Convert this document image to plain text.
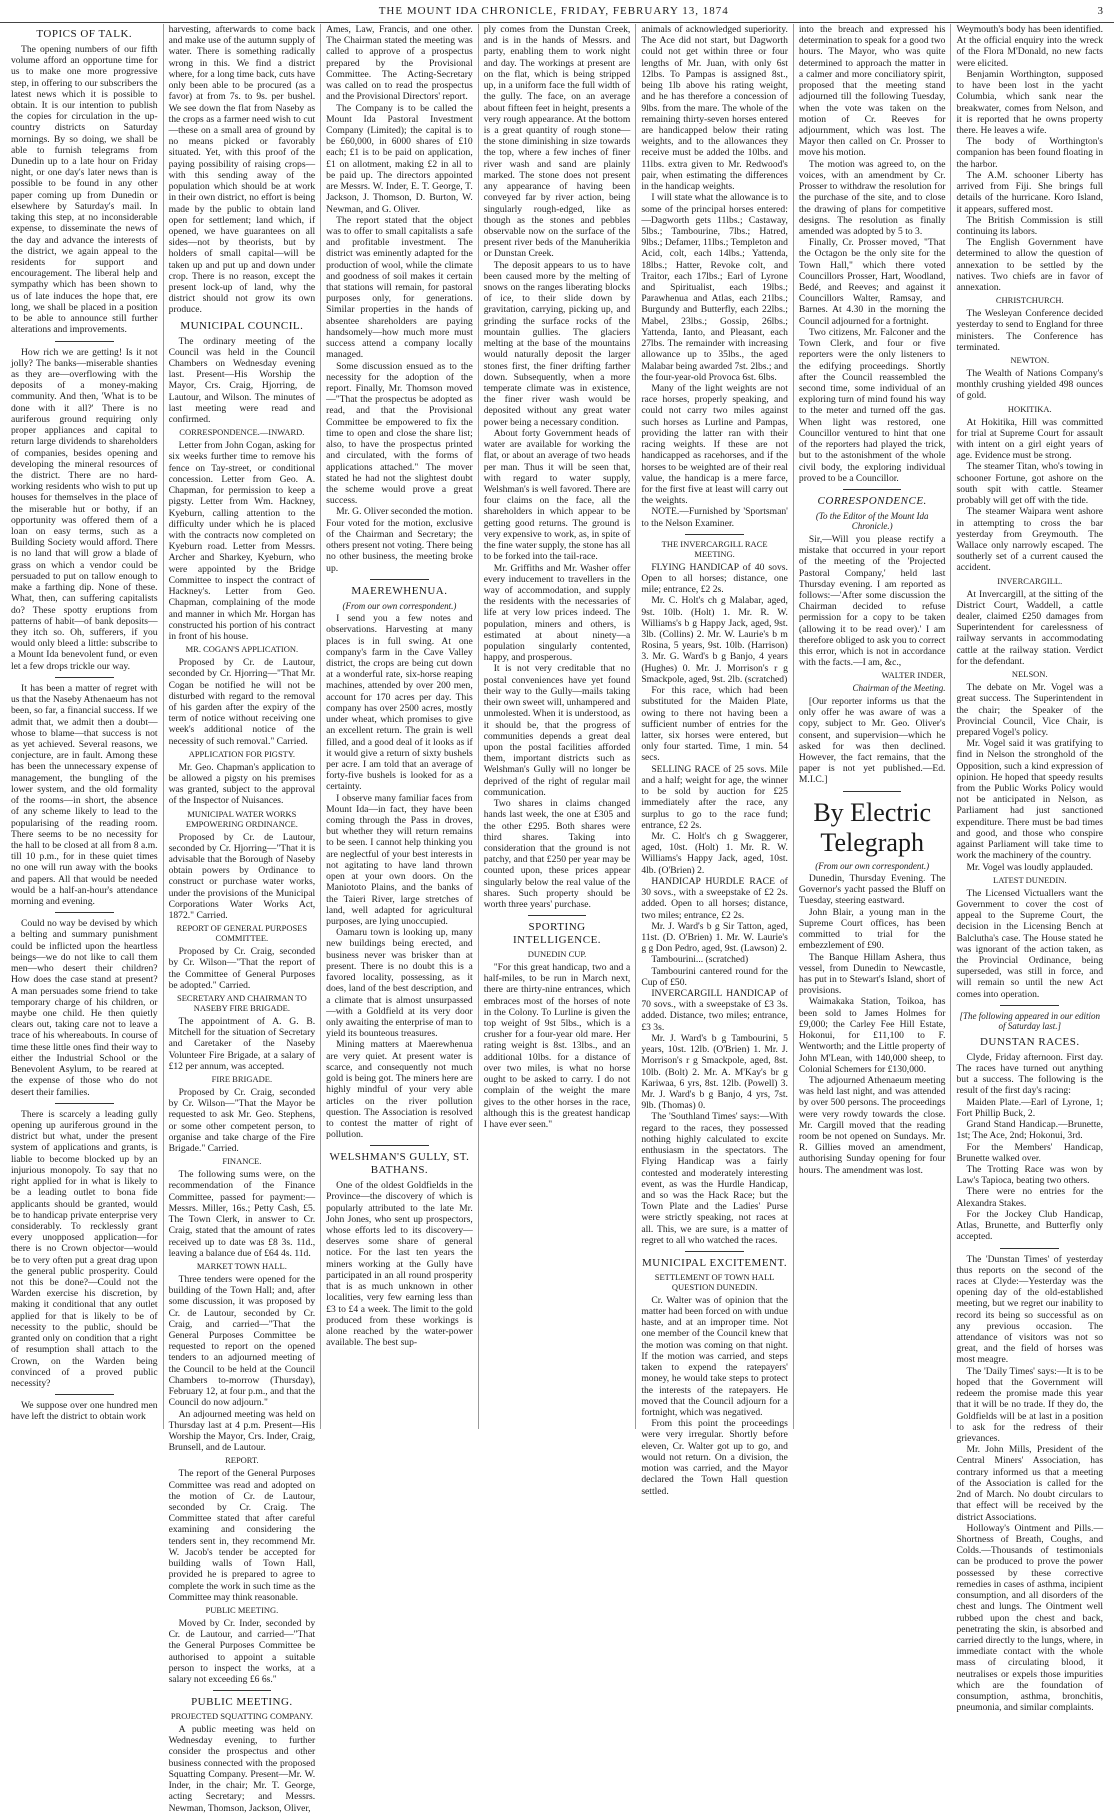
THE MOUNT IDA CHRONICLE, FRIDAY, FEBRUARY 13, 1874	3
TOPICS OF TALK.

The opening numbers of our fifth volume afford an opportune time for us to make one more progressive step, in offering to our subscribers the latest news which it is possible to obtain. It is our intention to publish the copies for circulation in the up-country districts on Saturday mornings. By so doing, we shall be able to furnish telegrams from Dunedin up to a late hour on Friday night, or one day's later news than is possible to be found in any other paper coming up from Dunedin or elsewhere by Saturday's mail. In taking this step, at no inconsiderable expense, to disseminate the news of the day and advance the interests of the district, we again appeal to the residents for support and encouragement. The liberal help and sympathy which has been shown to us of late induces the hope that, ere long, we shall be placed in a position to be able to announce still further alterations and improvements.

How rich we are getting! Is it not jolly? The banks—miserable shanties as they are—overflowing with the deposits of a money-making community. And then, 'What is to be done with it all?' There is no auriferous ground requiring only proper appliances and capital to return large dividends to shareholders of companies, besides opening and developing the mineral resources of the district. There are no hard-working residents who wish to put up houses for themselves in the place of the miserable hut or bothy, if an opportunity was offered them of a loan on easy terms, such as a Building Society would afford. There is no land that will grow a blade of grass on which a vendor could be persuaded to put on tallow enough to make a farthing dip. None of these. What, then, can suffering capitalists do? These spotty eruptions from patterns of habit—of bank deposits—they itch so. Oh, sufferers, if you would only bleed a little: subscribe to a Mount Ida benevolent fund, or even let a few drops trickle our way.

It has been a matter of regret with us that the Naseby Athenaeum has not been, so far, a financial success. If we admit that, we admit then a doubt—whose to blame—that success is not as yet achieved. Several reasons, we conjecture, are in fault. Among these has been the unnecessary expense of management, the bungling of the lower system, and the old formality of the rooms—in short, the absence of any scheme likely to lead to the popularising of the reading room. There seems to be no necessity for the hall to be closed at all from 8 a.m. till 10 p.m., for in these quiet times no one will run away with the books and papers. All that would be needed would be a half-an-hour's attendance morning and evening.

Could no way be devised by which a belting and summary punishment could be inflicted upon the heartless beings—we do not like to call them men—who desert their children? How does the case stand at present? A man persuades some friend to take temporary charge of his children, or maybe one child. He then quietly clears out, taking care not to leave a trace of his whereabouts. In course of time these little ones find their way to either the Industrial School or the Benevolent Asylum, to be reared at the expense of those who do not desert their families.

There is scarcely a leading gully opening up auriferous ground in the district but what, under the present system of applications and grants, is liable to become blocked up by an injurious monopoly. To say that no right applied for in what is likely to be a leading outlet to bona fide applicants should be granted, would be to handicap private enterprise very considerably. To recklessly grant every unopposed application—for there is no Crown objector—would be to very often put a great drag upon the general public prosperity. Could not this be done?—Could not the Warden exercise his discretion, by making it conditional that any outlet applied for that is likely to be of necessity to the public, should be granted only on condition that a right of resumption shall attach to the Crown, on the Warden being convinced of a proved public necessity?

We suppose over one hundred men have left the district to obtain work

harvesting, afterwards to come back and make use of the autumn supply of water. There is something radically wrong in this. We find a district where, for a long time back, cuts have only been able to be procured (as a favor) at from 7s. to 9s. per bushel. We see down the flat from Naseby as the crops as a farmer need wish to cut—these on a small area of ground by no means picked or favorably situated. Yet, with this proof of the paying possibility of raising crops—with this sending away of the population which should be at work in their own district, no effort is being made by the public to obtain land open for settlement; land which, if opened, we have guarantees on all sides—not by theorists, but by holders of small capital—will be taken up and put up and down under crop. There is no reason, except the present lock-up of land, why the district should not grow its own produce.

MUNICIPAL COUNCIL.

The ordinary meeting of the Council was held in the Council Chambers on Wednesday evening last. Present—His Worship the Mayor, Crs. Craig, Hjorring, de Lautour, and Wilson. The minutes of last meeting were read and confirmed.

CORRESPONDENCE.—INWARD.

Letter from John Cogan, asking for six weeks further time to remove his fence on Tay-street, or conditional concession. Letter from Geo. A. Chapman, for permission to keep a pigsty. Letter from Wm. Hackney, Kyeburn, calling attention to the difficulty under which he is placed with the contracts now completed on Kyeburn road. Letter from Messrs. Archer and Sharkey, Kyeburn, who were appointed by the Bridge Committee to inspect the contract of Hackney's. Letter from Geo. Chapman, complaining of the mode and manner in which Mr. Horgan has constructed his portion of his contract in front of his house.

MR. COGAN'S APPLICATION.

Proposed by Cr. de Lautour, seconded by Cr. Hjorring—"That Mr. Cogan be notified he will not be disturbed with regard to the removal of his garden after the expiry of the term of notice without receiving one week's additional notice of the necessity of such removal." Carried.

APPLICATION FOR PIGSTY.

Mr. Geo. Chapman's application to be allowed a pigsty on his premises was granted, subject to the approval of the Inspector of Nuisances.

MUNICIPAL WATER WORKS EMPOWERING ORDINANCE.

Proposed by Cr. de Lautour, seconded by Cr. Hjorring—"That it is advisable that the Borough of Naseby obtain powers by Ordinance to construct or purchase water works, under the provisions of the Municipal Corporations Water Works Act, 1872." Carried.

REPORT OF GENERAL PURPOSES COMMITTEE.

Proposed by Cr. Craig, seconded by Cr. Wilson—"That the report of the Committee of General Purposes be adopted." Carried.

SECRETARY AND CHAIRMAN TO NASEBY FIRE BRIGADE.

The appointment of A. G. B. Mitchell for the situation of Secretary and Caretaker of the Naseby Volunteer Fire Brigade, at a salary of £12 per annum, was accepted.

FIRE BRIGADE.

Proposed by Cr. Craig, seconded by Cr. Wilson—"That the Mayor be requested to ask Mr. Geo. Stephens, or some other competent person, to organise and take charge of the Fire Brigade." Carried.

FINANCE.

The following sums were, on the recommendation of the Finance Committee, passed for payment:—Messrs. Miller, 16s.; Petty Cash, £5. The Town Clerk, in answer to Cr. Craig, stated that the amount of rates received up to date was £8 3s. 11d., leaving a balance due of £64 4s. 11d.

MARKET TOWN HALL.

Three tenders were opened for the building of the Town Hall; and, after some discussion, it was proposed by Cr. de Lautour, seconded by Cr. Craig, and carried—"That the General Purposes Committee be requested to report on the opened tenders to an adjourned meeting of the Council to be held at the Council Chambers to-morrow (Thursday), February 12, at four p.m., and that the Council do now adjourn."

An adjourned meeting was held on Thursday last at 4 p.m. Present—His Worship the Mayor, Crs. Inder, Craig, Brunsell, and de Lautour.

REPORT.

The report of the General Purposes Committee was read and adopted on the motion of Cr. de Lautour, seconded by Cr. Craig. The Committee stated that after careful examining and considering the tenders sent in, they recommend Mr. W. Jacob's tender be accepted for building walls of Town Hall, provided he is prepared to agree to complete the work in such time as the Committee may think reasonable.

PUBLIC MEETING.

Moved by Cr. Inder, seconded by Cr. de Lautour, and carried—"That the General Purposes Committee be authorised to appoint a suitable person to inspect the works, at a salary not exceeding £6 6s."

PUBLIC MEETING.
PROJECTED SQUATTING COMPANY.

A public meeting was held on Wednesday evening, to further consider the prospectus and other business connected with the proposed Squatting Company. Present—Mr. W. Inder, in the chair; Mr. T. George, acting Secretary; and Messrs. Newman, Thomson, Jackson, Oliver,

Ames, Law, Francis, and one other. The Chairman stated the meeting was called to approve of a prospectus prepared by the Provisional Committee. The Acting-Secretary was called on to read the prospectus and the Provisional Directors' report.

The Company is to be called the Mount Ida Pastoral Investment Company (Limited); the capital is to be £60,000, in 6000 shares of £10 each; £1 is to be paid on application, £1 on allotment, making £2 in all to be paid up. The directors appointed are Messrs. W. Inder, E. T. George, T. Jackson, J. Thomson, D. Burton, W. Newman, and G. Oliver.

The report stated that the object was to offer to small capitalists a safe and profitable investment. The district was eminently adapted for the production of wool, while the climate and goodness of soil makes it certain that stations will remain, for pastoral purposes only, for generations. Similar properties in the hands of absentee shareholders are paying handsomely—how much more must success attend a company locally managed.

Some discussion ensued as to the necessity for the adoption of the report. Finally, Mr. Thomson moved—"That the prospectus be adopted as read, and that the Provisional Committee be empowered to fix the time to open and close the share list; also, to have the prospectus printed and circulated, with the forms of applications attached." The mover stated he had not the slightest doubt the scheme would prove a great success.

Mr. G. Oliver seconded the motion. Four voted for the motion, exclusive of the Chairman and Secretary; the others present not voting. There being no other business, the meeting broke up.

MAEREWHENUA.
(From our own correspondent.)

I send you a few notes and observations. Harvesting at many places is in full swing. At one company's farm in the Cave Valley district, the crops are being cut down at a wonderful rate, six-horse reaping machines, attended by over 200 men, account for 170 acres per day. This company has over 2500 acres, mostly under wheat, which promises to give an excellent return. The grain is well filled, and a good deal of it looks as if it would give a return of sixty bushels per acre. I am told that an average of forty-five bushels is looked for as a certainty.

I observe many familiar faces from Mount Ida—in fact, they have been coming through the Pass in droves, but whether they will return remains to be seen. I cannot help thinking you are neglectful of your best interests in not agitating to have land thrown open at your own doors. On the Maniototo Plains, and the banks of the Taieri River, large stretches of land, well adapted for agricultural purposes, are lying unoccupied.

Oamaru town is looking up, many new buildings being erected, and business never was brisker than at present. There is no doubt this is a favored locality, possessing, as it does, land of the best description, and a climate that is almost unsurpassed—with a Goldfield at its very door only awaiting the enterprise of man to yield its bounteous treasures.

Mining matters at Maerewhenua are very quiet. At present water is scarce, and consequently not much gold is being got. The miners here are highly mindful of your very able articles on the river pollution question. The Association is resolved to contest the matter of right of pollution.

WELSHMAN'S GULLY, ST. BATHANS.

One of the oldest Goldfields in the Province—the discovery of which is popularly attributed to the late Mr. John Jones, who sent up prospectors, whose efforts led to its discovery—deserves some share of general notice. For the last ten years the miners working at the Gully have participated in an all round prosperity that is as much unknown in other localities, very few earning less than £3 to £4 a week. The limit to the gold produced from these workings is alone reached by the water-power available. The best sup-

ply comes from the Dunstan Creek, and is in the hands of Messrs. and party, enabling them to work night and day. The workings at present are on the flat, which is being stripped up, in a uniform face the full width of the gully. The face, on an average about fifteen feet in height, presents a very rough appearance. At the bottom is a great quantity of rough stone—the stone diminishing in size towards the top, where a few inches of finer river wash and sand are plainly marked. The stone does not present any appearance of having been conveyed far by river action, being singularly rough-edged, like as though as the stones and pebbles observable now on the surface of the present river beds of the Manuherikia or Dunstan Creek.

The deposit appears to us to have been caused more by the melting of snows on the ranges liberating blocks of ice, to their slide down by gravitation, carrying, picking up, and grinding the surface rocks of the mountain gullies. The glaciers melting at the base of the mountains would naturally deposit the larger stones first, the finer drifting farther down. Subsequently, when a more temperate climate was in existence, the finer river wash would be deposited without any great water power being a necessary condition.

About forty Government heads of water are available for working the flat, or about an average of two heads per man. Thus it will be seen that, with regard to water supply, Welshman's is well favored. There are four claims on the face, all the shareholders in which appear to be getting good returns. The ground is very expensive to work, as, in spite of the fine water supply, the stone has all to be forked into the tail-race.

Mr. Griffiths and Mr. Washer offer every inducement to travellers in the way of accommodation, and supply the residents with the necessaries of life at very low prices indeed. The population, miners and others, is estimated at about ninety—a population singularly contented, happy, and prosperous.

It is not very creditable that no postal conveniences have yet found their way to the Gully—mails taking their own sweet will, unhampered and unmolested. When it is understood, as it should be, that the progress of communities depends a great deal upon the postal facilities afforded them, important districts such as Welshman's Gully will no longer be deprived of the right of regular mail communication.

Two shares in claims changed hands last week, the one at £305 and the other £295. Both shares were third shares. Taking into consideration that the ground is not patchy, and that £250 per year may be counted upon, these prices appear singularly below the real value of the shares. Such property should be worth three years' purchase.

SPORTING INTELLIGENCE.
DUNEDIN CUP.

"For this great handicap, two and a half-miles, to be run in March next, there are thirty-nine entrances, which embraces most of the horses of note in the Colony. To Lurline is given the top weight of 9st 5lbs., which is a crusher for a four-year old mare. Her rating weight is 8st. 13lbs., and an additional 10lbs. for a distance of over two miles, is what no horse ought to be asked to carry. I do not complain of the weight the mare gives to the other horses in the race, although this is the greatest handicap I have ever seen."

animals of acknowledged superiority. The Ace did not start, but Dagworth could not get within three or four lengths of Mr. Juan, with only 6st 12lbs. To Pampas is assigned 8st., being 1lb above his rating weight, and he has therefore a concession of 9lbs. from the mare. The whole of the remaining thirty-seven horses entered are handicapped below their rating weights, and to the allowances they receive must be added the 10lbs. and 11lbs. extra given to Mr. Redwood's pair, when estimating the differences in the handicap weights.

I will state what the allowance is to some of the principal horses entered:—Dagworth gets 11lbs.; Castaway, 5lbs.; Tambourine, 7lbs.; Hatred, 9lbs.; Defamer, 11lbs.; Templeton and Acid, colt, each 14lbs.; Yattenda, 18lbs.; Hatter, Revoke colt, and Traitor, each 17lbs.; Earl of Lyrone and Spiritualist, each 19lbs.; Parawhenua and Atlas, each 21lbs.; Burgundy and Butterfly, each 22lbs.; Mabel, 23lbs.; Gossip, 26lbs.; Yattenda, Ianto, and Pleasant, each 27lbs. The remainder with increasing allowance up to 35lbs., the aged Malabar being awarded 7st. 2lbs.; and the four-year-old Provoca 6st. 6lbs.

Many of the light weights are not race horses, properly speaking, and could not carry two miles against such horses as Lurline and Pampas, providing the latter ran with their racing weights. If these are not handicapped as racehorses, and if the horses to be weighted are of their real value, the handicap is a mere farce, for the first five at least will carry out the weights.

NOTE.—Furnished by 'Sportsman' to the Nelson Examiner.

THE INVERCARGILL RACE MEETING.

FLYING HANDICAP of 40 sovs. Open to all horses; distance, one mile; entrance, £2 2s.

Mr. C. Holt's ch g Malabar, aged, 9st. 10lb. (Holt) 1. Mr. R. W. Williams's b g Happy Jack, aged, 9st. 3lb. (Collins) 2. Mr. W. Laurie's b m Rosina, 5 years, 9st. 10lb. (Harrison) 3. Mr. G. Ward's b g Banjo, 4 years (Hughes) 0. Mr. J. Morrison's r g Smackpole, aged, 9st. 2lb. (scratched)

For this race, which had been substituted for the Maiden Plate, owing to there not having been a sufficient number of entries for the latter, six horses were entered, but only four started. Time, 1 min. 54 secs.

SELLING RACE of 25 sovs. Mile and a half; weight for age, the winner to be sold by auction for £25 immediately after the race, any surplus to go to the race fund; entrance, £2 2s.

Mr. C. Holt's ch g Swaggerer, aged, 10st. (Holt) 1. Mr. R. W. Williams's Happy Jack, aged, 10st. 4lb. (O'Brien) 2.

HANDICAP HURDLE RACE of 30 sovs., with a sweepstake of £2 2s. added. Open to all horses; distance, two miles; entrance, £2 2s.

Mr. J. Ward's b g Sir Tatton, aged, 11st. (D. O'Brien) 1. Mr. W. Laurie's g g Don Pedro, aged, 9st. (Lawson) 2.

Tambourini... (scratched)

Tambourini cantered round for the Cup of £50.

INVERCARGILL HANDICAP of 70 sovs., with a sweepstake of £3 3s. added. Distance, two miles; entrance, £3 3s.

Mr. J. Ward's b g Tambourini, 5 years, 10st. 12lb. (O'Brien) 1. Mr. J. Morrison's r g Smackpole, aged, 8st. 10lb. (Bolt) 2. Mr. A. M'Kay's br g Kariwaa, 6 yrs, 8st. 12lb. (Powell) 3. Mr. J. Ward's b g Banjo, 4 yrs, 7st. 9lb. (Thomas) 0.

The 'Southland Times' says:—With regard to the races, they possessed nothing highly calculated to excite enthusiasm in the spectators. The Flying Handicap was a fairly contested and moderately interesting event, as was the Hurdle Handicap, and so was the Hack Race; but the Town Plate and the Ladies' Purse were strictly speaking, not races at all. This, we are sure, is a matter of regret to all who watched the races.

MUNICIPAL EXCITEMENT.
SETTLEMENT OF TOWN HALL QUESTION DUNEDIN.

Cr. Walter was of opinion that the matter had been forced on with undue haste, and at an improper time. Not one member of the Council knew that the motion was coming on that night. If the motion was carried, and steps taken to expend the ratepayers' money, he would take steps to protect the interests of the ratepayers. He moved that the Council adjourn for a fortnight, which was negatived.

From this point the proceedings were very irregular. Shortly before eleven, Cr. Walter got up to go, and would not return. On a division, the motion was carried, and the Mayor declared the Town Hall question settled.

into the breach and expressed his determination to speak for a good two hours. The Mayor, who was quite determined to approach the matter in a calmer and more conciliatory spirit, proposed that the meeting stand adjourned till the following Tuesday, when the vote was taken on the motion of Cr. Reeves for adjournment, which was lost. The Mayor then called on Cr. Prosser to move his motion.

The motion was agreed to, on the voices, with an amendment by Cr. Prosser to withdraw the resolution for the purchase of the site, and to close the drawing of plans for competitive designs. The resolution as finally amended was adopted by 5 to 3.

Finally, Cr. Prosser moved, "That the Octagon be the only site for the Town Hall," which there voted Councillors Prosser, Hart, Woodland, Bedé, and Reeves; and against it Councillors Walter, Ramsay, and Barnes. At 4.30 in the morning the Council adjourned for a fortnight.

Two citizens, Mr. Falconer and the Town Clerk, and four or five reporters were the only listeners to the edifying proceedings. Shortly after the Council reassembled the second time, some individual of an exploring turn of mind found his way to the meter and turned off the gas. When light was restored, one Councillor ventured to hint that one of the reporters had played the trick, but to the astonishment of the whole civil body, the exploring individual proved to be a Councillor.

CORRESPONDENCE.
(To the Editor of the Mount Ida Chronicle.)

Sir,—Will you please rectify a mistake that occurred in your report of the meeting of the 'Projected Pastoral Company,' held last Thursday evening. I am reported as follows:—'After some discussion the Chairman decided to refuse permission for a copy to be taken (allowing it to be read over).' I am therefore obliged to ask you to correct this error, which is not in accordance with the facts.—I am, &c.,

WALTER INDER,
Chairman of the Meeting.

[Our reporter informs us that the only offer he was aware of was a copy, subject to Mr. Geo. Oliver's consent, and supervision—which he asked for was then declined. However, the fact remains, that the paper is not yet published.—Ed. M.I.C.]

By Electric Telegraph
(From our own correspondent.)

Dunedin, Thursday Evening. The Governor's yacht passed the Bluff on Tuesday, steering eastward.

John Blair, a young man in the Supreme Court offices, has been committed to trial for the embezzlement of £90.

The Banque Hillam Ashera, thus vessel, from Dunedin to Newcastle, has put in to Stewart's Island, short of provisions.

Waimakaka Station, Toikoa, has been sold to James Holmes for £9,000; the Carley Fee Hill Estate, Hokonui, for £11,100 to F. Wentworth; and the Little property of John M'Lean, with 140,000 sheep, to Colonial Schemers for £130,000.

The adjourned Athenaeum meeting was held last night, and was attended by over 500 persons. The proceedings were very rowdy towards the close. Mr. Cargill moved that the reading room be not opened on Sundays. Mr. R. Gillies moved an amendment, authorising Sunday opening for four hours. The amendment was lost.

Weymouth's body has been identified. At the official enquiry into the wreck of the Flora M'Donald, no new facts were elicited.

Benjamin Worthington, supposed to have been lost in the yacht Columbia, which sank near the breakwater, comes from Nelson, and it is reported that he owns property there. He leaves a wife.

The body of Worthington's companion has been found floating in the harbor.

The A.M. schooner Liberty has arrived from Fiji. She brings full details of the hurricane. Koro Island, it appears, suffered most.

The British Commission is still continuing its labors.

The English Government have determined to allow the question of annexation to be settled by the natives. Two chiefs are in favor of annexation.

CHRISTCHURCH.

The Wesleyan Conference decided yesterday to send to England for three ministers. The Conference has terminated.

NEWTON.

The Wealth of Nations Company's monthly crushing yielded 498 ounces of gold.

HOKITIKA.

At Hokitika, Hill was committed for trial at Supreme Court for assault with intent on a girl eight years of age. Evidence must be strong.

The steamer Titan, who's towing in schooner Fortune, got ashore on the south spit with cattle. Steamer probably will get off with the tide.

The steamer Waipara went ashore in attempting to cross the bar yesterday from Greymouth. The Wallace only narrowly escaped. The southerly set of a current caused the accident.

INVERCARGILL.

At Invercargill, at the sitting of the District Court, Waddell, a cattle dealer, claimed £250 damages from Superintendent for carelessness of railway servants in accommodating cattle at the railway station. Verdict for the defendant.

NELSON.

The debate on Mr. Vogel was a great success. The Superintendent in the chair; the Speaker of the Provincial Council, Vice Chair, is prepared Vogel's policy.

Mr. Vogel said it was gratifying to find in Nelson the stronghold of the Opposition, such a kind expression of opinion. He hoped that speedy results from the Public Works Policy would not be anticipated in Nelson, as Parliament had just sanctioned expenditure. There must be bad times and good, and those who conspire against Parliament will take time to work the machinery of the country.

Mr. Vogel was loudly applauded.

LATEST DUNEDIN.

The Licensed Victuallers want the Government to cover the cost of appeal to the Supreme Court, the decision in the Licensing Bench at Balclutha's case. The House stated he was ignorant of the action taken, as the Provincial Ordinance, being superseded, was still in force, and will remain so until the new Act comes into operation.

[The following appeared in our edition of Saturday last.]
DUNSTAN RACES.

Clyde, Friday afternoon. First day. The races have turned out anything but a success. The following is the result of the first day's racing:

Maiden Plate.—Earl of Lyrone, 1; Fort Phillip Buck, 2.

Grand Stand Handicap.—Brunette, 1st; The Ace, 2nd; Hokonui, 3rd.

For the Members' Handicap, Brunette walked over.

The Trotting Race was won by Law's Tapioca, beating two others.

There were no entries for the Alexandra Stakes.

For the Jockey Club Handicap, Atlas, Brunette, and Butterfly only accepted.

The 'Dunstan Times' of yesterday thus reports on the second of the races at Clyde:—Yesterday was the opening day of the old-established meeting, but we regret our inability to record its being so successful as on any previous occasion. The attendance of visitors was not so great, and the field of horses was most meagre.

The 'Daily Times' says:—It is to be hoped that the Government will redeem the promise made this year that it will be no trade. If they do, the Goldfields will be at last in a position to ask for the redress of their grievances.

Mr. John Mills, President of the Central Miners' Association, has contrary informed us that a meeting of the Association is called for the 2nd of March. No doubt circulars to that effect will be received by the district Associations.

Holloway's Ointment and Pills.—Shortness of Breath, Coughs, and Colds.—Thousands of testimonials can be produced to prove the power possessed by these corrective remedies in cases of asthma, incipient consumption, and all disorders of the chest and lungs. The Ointment well rubbed upon the chest and back, penetrating the skin, is absorbed and carried directly to the lungs, where, in immediate contact with the whole mass of circulating blood, it neutralises or expels those impurities which are the foundation of consumption, asthma, bronchitis, pneumonia, and similar complaints.
